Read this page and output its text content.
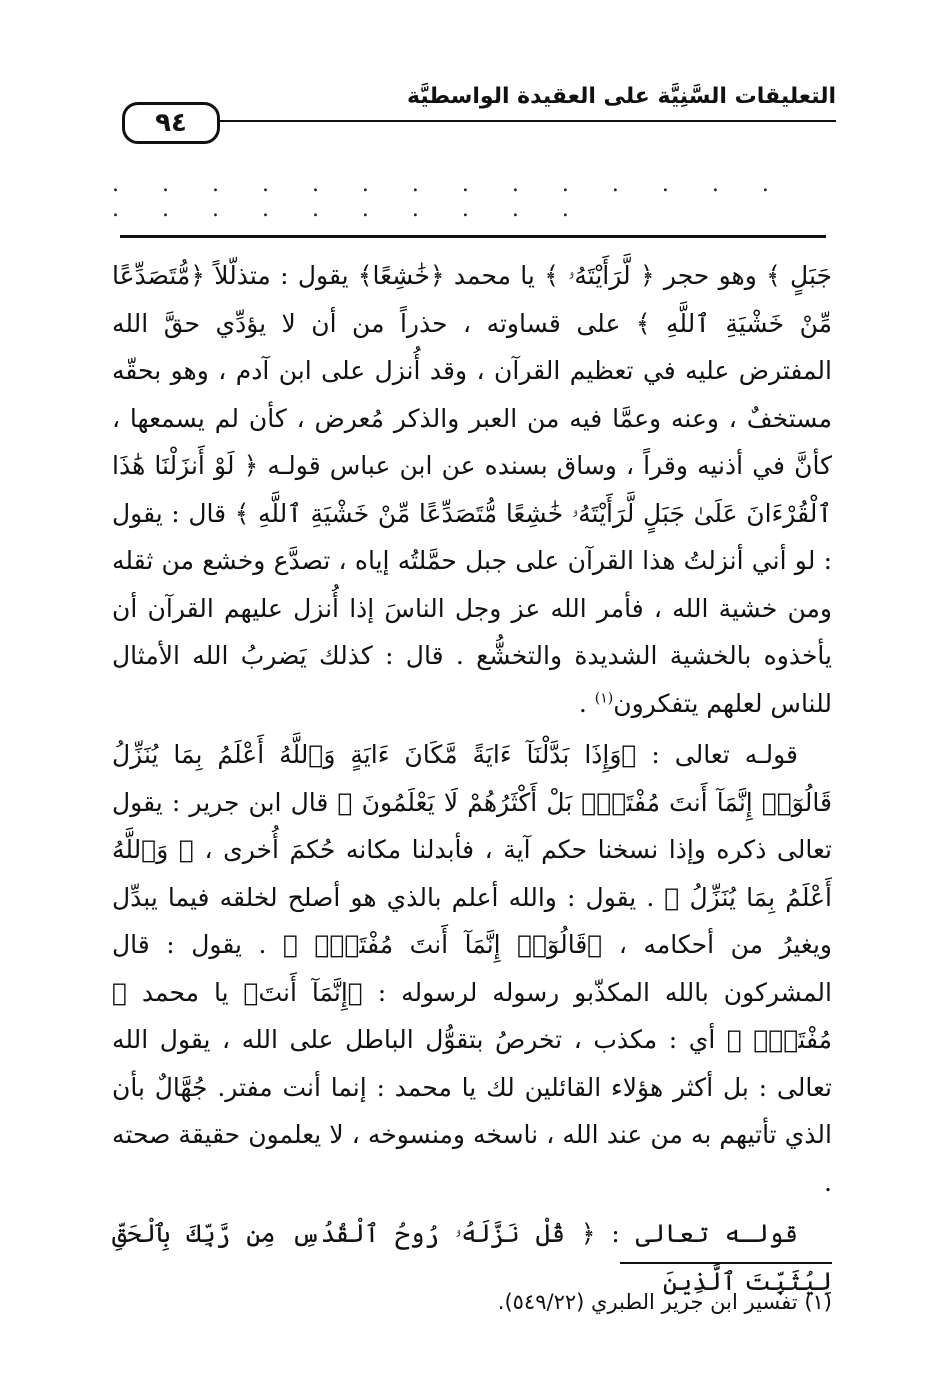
التعليقات السَّنِيَّة على العقيدة الواسطيَّة
٩٤
. . . . . . . . . . . . . . . . . . . . . . . .

جَبَلٍ ﴾ وهو حجر ﴿ لَّرَأَيْتَهُۥ ﴾ يا محمد ﴿خَٰشِعًا﴾ يقول : متذلّلاً ﴿مُّتَصَدِّعًا مِّنْ خَشْيَةِ ٱللَّهِ ﴾ على قساوته ، حذراً من أن لا يؤدِّي حقَّ الله المفترض عليه في تعظيم القرآن ، وقد أُنزل على ابن آدم ، وهو بحقّه مستخفٌ ، وعنه وعمَّا فيه من العبر والذكر مُعرض ، كأن لم يسمعها ، كأنَّ في أذنيه وقراً ، وساق بسنده عن ابن عباس قولـه ﴿ لَوْ أَنزَلْنَا هَٰذَا ٱلْقُرْءَانَ عَلَىٰ جَبَلٍ لَّرَأَيْتَهُۥ خَٰشِعًا مُّتَصَدِّعًا مِّنْ خَشْيَةِ ٱللَّهِ ﴾ قال : يقول : لو أني أنزلتُ هذا القرآن على جبل حمَّلتُه إياه ، تصدَّع وخشع من ثقله ومن خشية الله ، فأمر الله عز وجل الناسَ إذا أُنزل عليهم القرآن أن يأخذوه بالخشية الشديدة والتخشُّع . قال : كذلك يَضربُ الله الأمثال للناس لعلهم يتفكرون$^{(١)}$ .

قولـه تعالى : ﴿وَإِذَا بَدَّلْنَآ ءَايَةً مَّكَانَ ءَايَةٍ وَٱللَّهُ أَعْلَمُ بِمَا يُنَزِّلُ قَالُوٓا۟ إِنَّمَآ أَنتَ مُفْتَرٍۭ بَلْ أَكْثَرُهُمْ لَا يَعْلَمُونَ ﴾ قال ابن جرير : يقول تعالى ذكره وإذا نسخنا حكم آية ، فأبدلنا مكانه حُكمَ أُخرى ، ﴿ وَٱللَّهُ أَعْلَمُ بِمَا يُنَزِّلُ ﴾ . يقول : والله أعلم بالذي هو أصلح لخلقه فيما يبدِّل ويغيرُ من أحكامه ، ﴿قَالُوٓا۟ إِنَّمَآ أَنتَ مُفْتَرٍۭ ﴾ . يقول : قال المشركون بالله المكذّبو رسوله لرسوله : ﴿إِنَّمَآ أَنتَ﴾ يا محمد ﴿ مُفْتَرٍۭ ﴾ أي : مكذب ، تخرصُ بتقوُّل الباطل على الله ، يقول الله تعالى : بل أكثر هؤلاء القائلين لك يا محمد : إنما أنت مفتر. جُهَّالٌ بأن الذي تأتيهم به من عند الله ، ناسخه ومنسوخه ، لا يعلمون حقيقة صحته .

قولـه تعالى : ﴿ قُلْ نَزَّلَهُۥ رُوحُ ٱلْقُدُسِ مِن رَّبِّكَ بِٱلْحَقِّ لِيُثَبِّتَ ٱلَّذِينَ

(١) تفسير ابن جرير الطبري (٥٤٩/٢٢).
